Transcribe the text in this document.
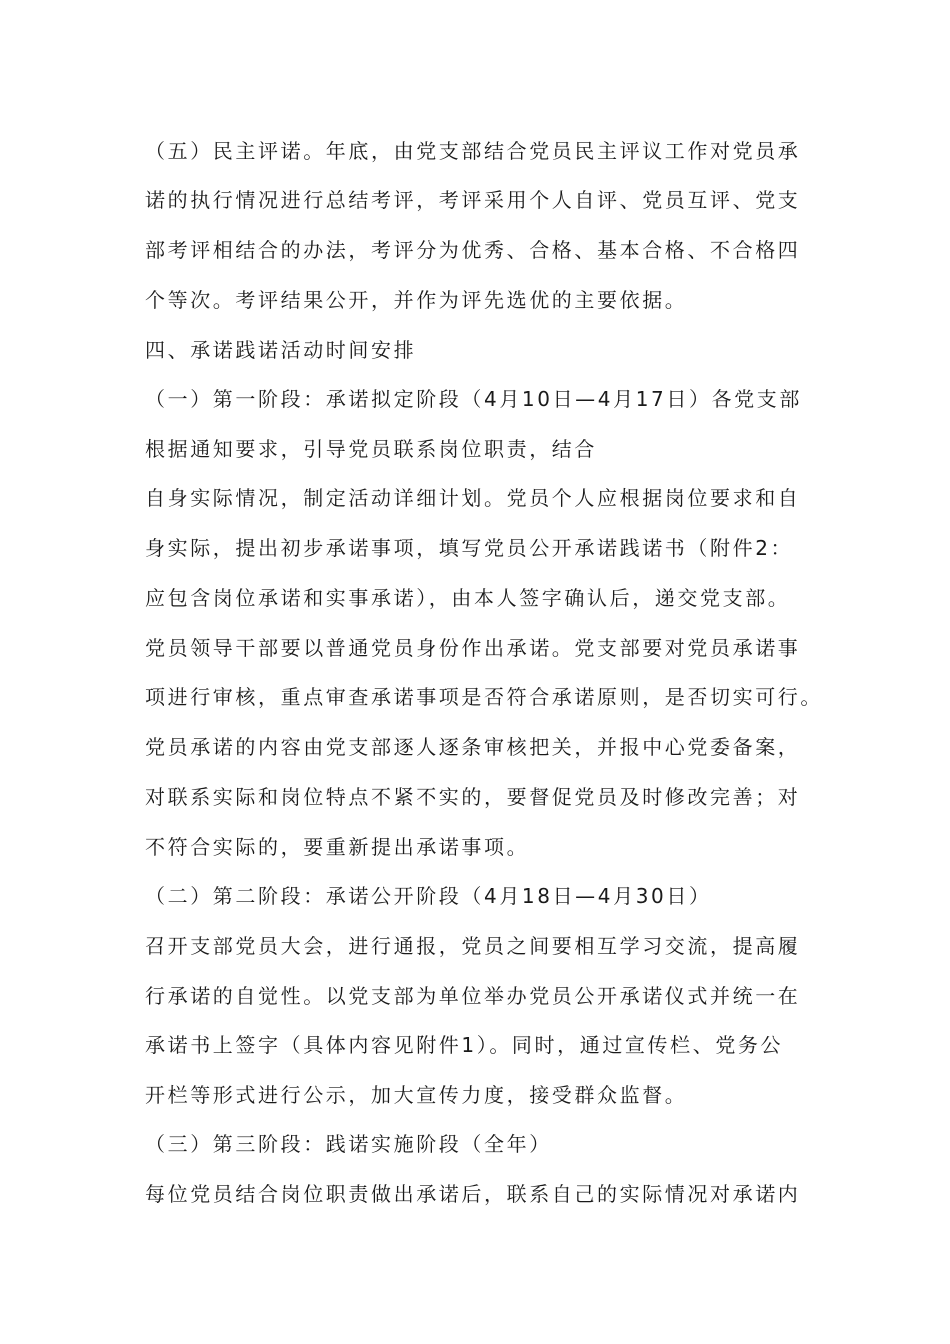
（五）民主评诺。年底，由党支部结合党员民主评议工作对党员承
诺的执行情况进行总结考评，考评采用个人自评、党员互评、党支
部考评相结合的办法，考评分为优秀、合格、基本合格、不合格四
个等次。考评结果公开，并作为评先选优的主要依据。
四、承诺践诺活动时间安排
（一）第一阶段：承诺拟定阶段（4月10日—4月17日）各党支部
根据通知要求，引导党员联系岗位职责，结合
自身实际情况，制定活动详细计划。党员个人应根据岗位要求和自
身实际，提出初步承诺事项，填写党员公开承诺践诺书（附件2：
应包含岗位承诺和实事承诺），由本人签字确认后，递交党支部。
党员领导干部要以普通党员身份作出承诺。党支部要对党员承诺事
项进行审核，重点审查承诺事项是否符合承诺原则，是否切实可行。
党员承诺的内容由党支部逐人逐条审核把关，并报中心党委备案，
对联系实际和岗位特点不紧不实的，要督促党员及时修改完善；对
不符合实际的，要重新提出承诺事项。
（二）第二阶段：承诺公开阶段（4月18日—4月30日）
召开支部党员大会，进行通报，党员之间要相互学习交流，提高履
行承诺的自觉性。以党支部为单位举办党员公开承诺仪式并统一在
承诺书上签字（具体内容见附件1）。同时，通过宣传栏、党务公
开栏等形式进行公示，加大宣传力度，接受群众监督。
（三）第三阶段：践诺实施阶段（全年）
每位党员结合岗位职责做出承诺后，联系自己的实际情况对承诺内
